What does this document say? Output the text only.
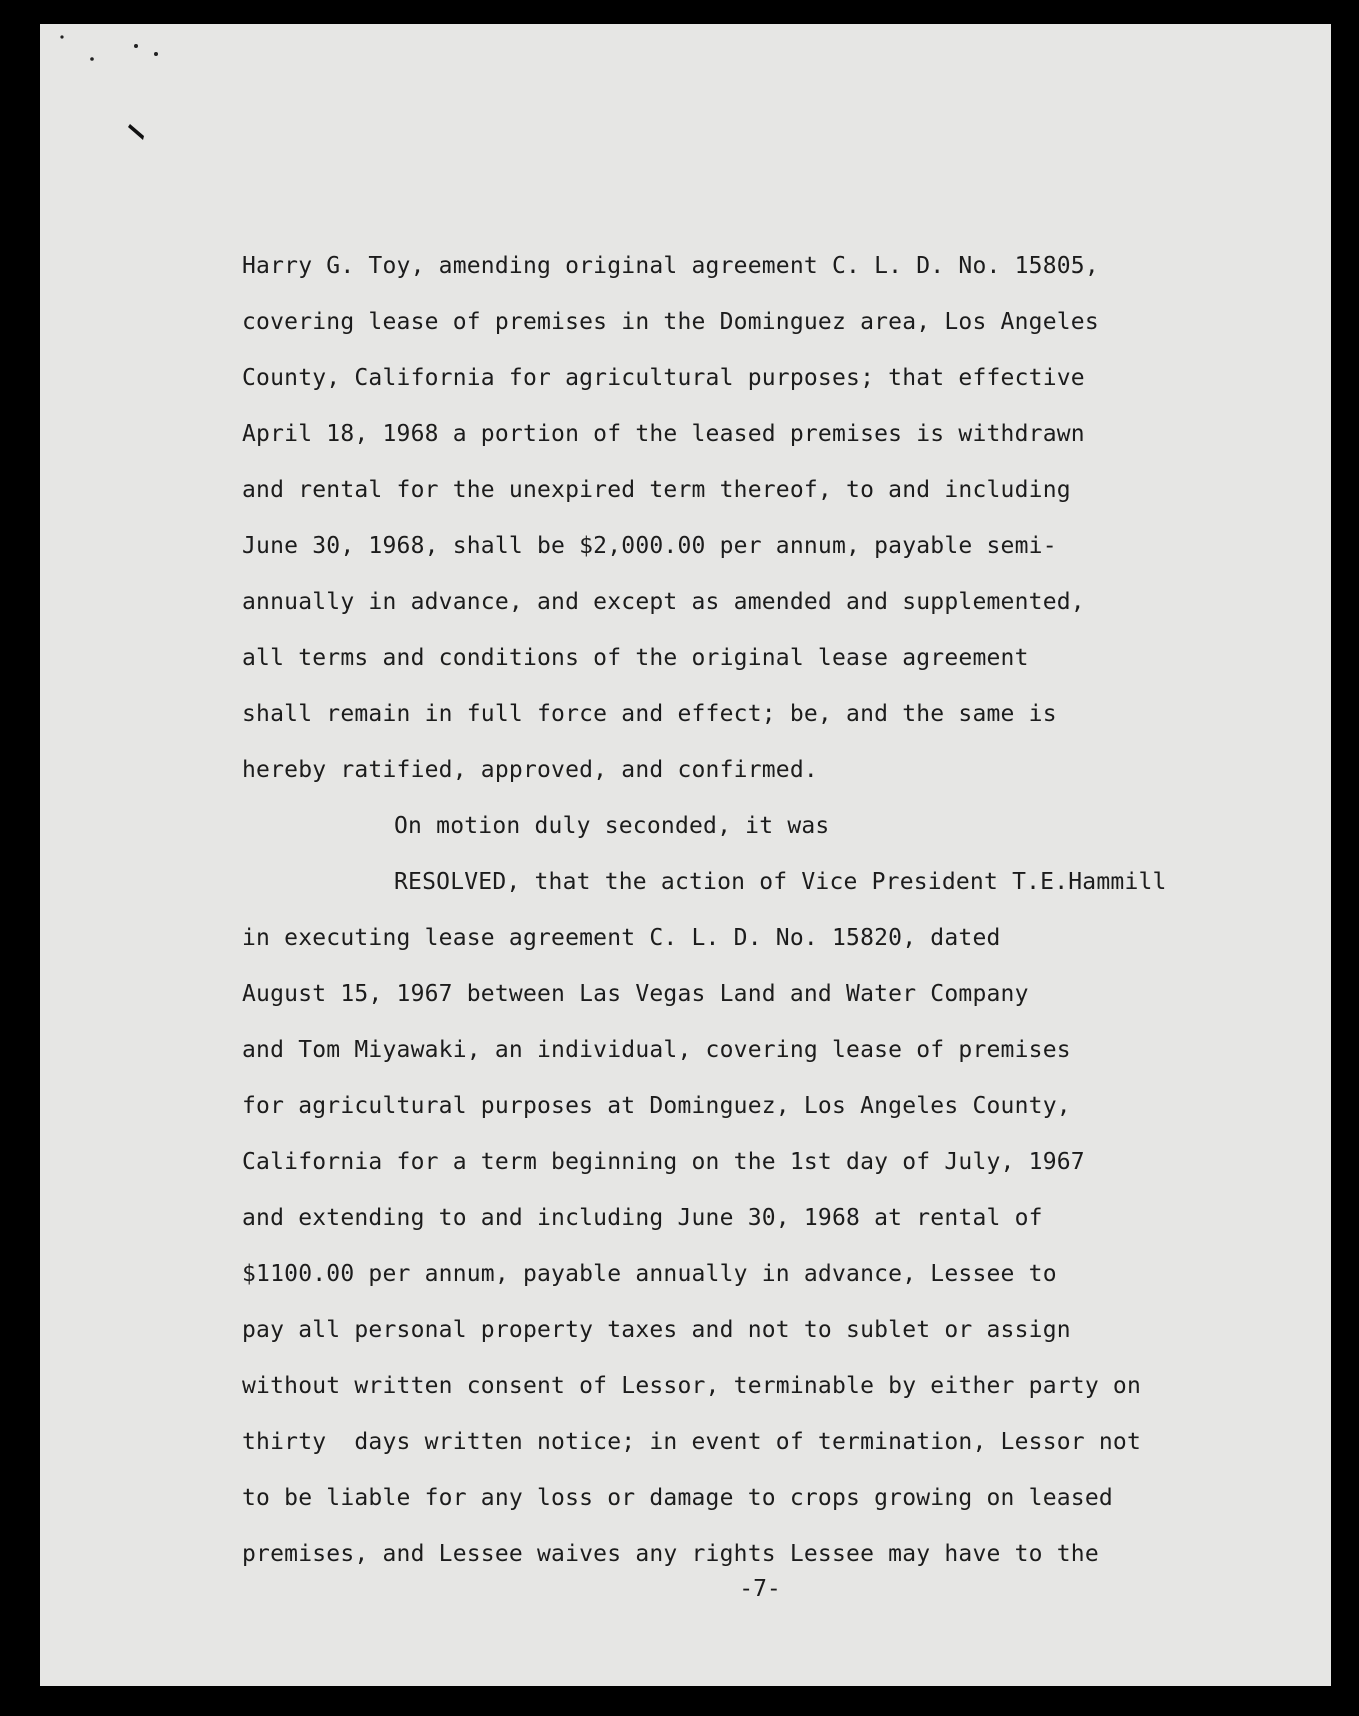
Harry G. Toy, amending original agreement C. L. D. No. 15805,
covering lease of premises in the Dominguez area, Los Angeles
County, California for agricultural purposes; that effective
April 18, 1968 a portion of the leased premises is withdrawn
and rental for the unexpired term thereof, to and including
June 30, 1968, shall be $2,000.00 per annum, payable semi-
annually in advance, and except as amended and supplemented,
all terms and conditions of the original lease agreement
shall remain in full force and effect; be, and the same is
hereby ratified, approved, and confirmed.
On motion duly seconded, it was
RESOLVED, that the action of Vice President T.E.Hammill
in executing lease agreement C. L. D. No. 15820, dated
August 15, 1967 between Las Vegas Land and Water Company
and Tom Miyawaki, an individual, covering lease of premises
for agricultural purposes at Dominguez, Los Angeles County,
California for a term beginning on the 1st day of July, 1967
and extending to and including June 30, 1968 at rental of
$1100.00 per annum, payable annually in advance, Lessee to
pay all personal property taxes and not to sublet or assign
without written consent of Lessor, terminable by either party on
thirty  days written notice; in event of termination, Lessor not
to be liable for any loss or damage to crops growing on leased
premises, and Lessee waives any rights Lessee may have to the
-7-
